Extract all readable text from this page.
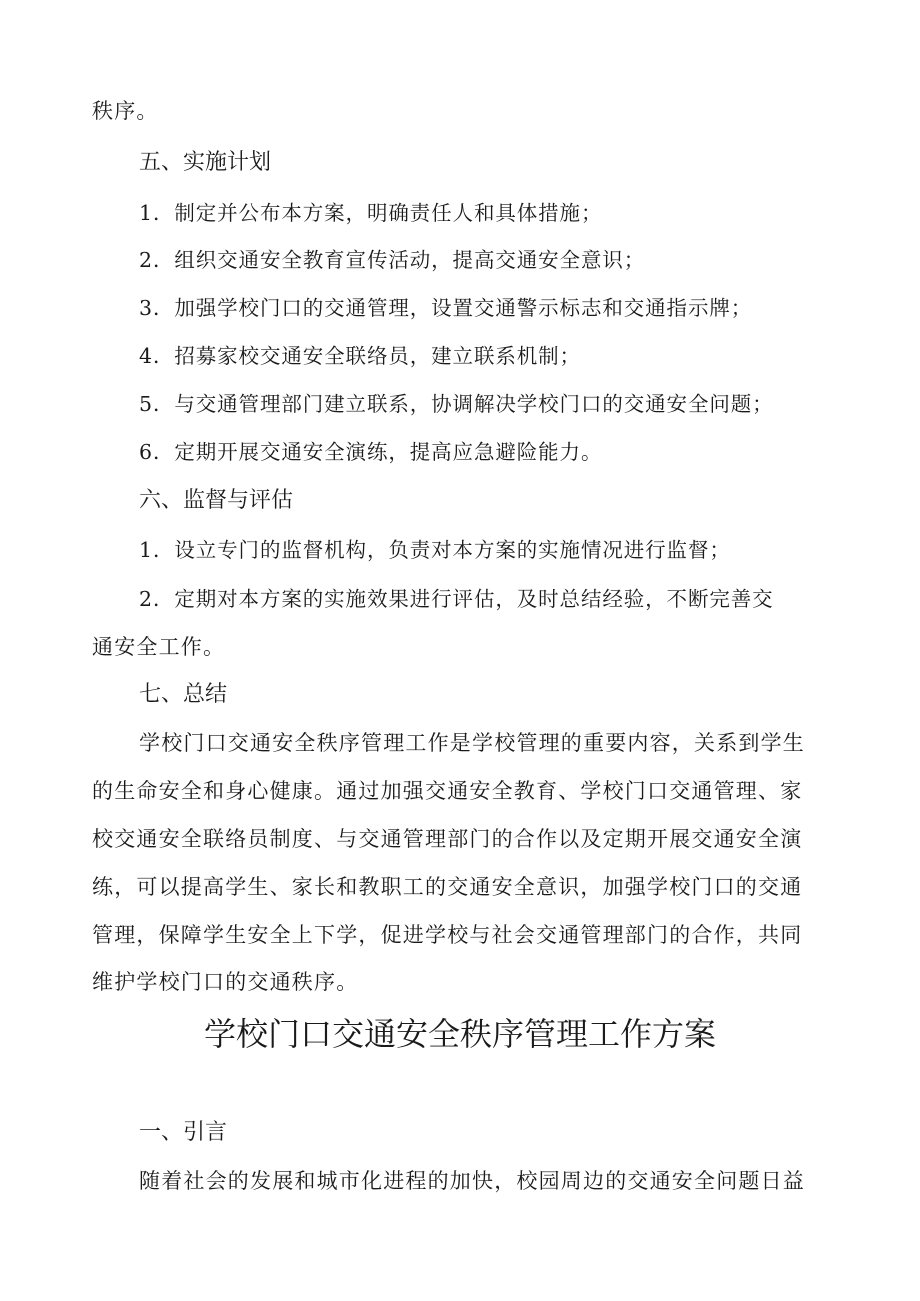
秩序。
五、实施计划
1．制定并公布本方案，明确责任人和具体措施；
2．组织交通安全教育宣传活动，提高交通安全意识；
3．加强学校门口的交通管理，设置交通警示标志和交通指示牌；
4．招募家校交通安全联络员，建立联系机制；
5．与交通管理部门建立联系，协调解决学校门口的交通安全问题；
6．定期开展交通安全演练，提高应急避险能力。
六、监督与评估
1．设立专门的监督机构，负责对本方案的实施情况进行监督；
2．定期对本方案的实施效果进行评估，及时总结经验，不断完善交
通安全工作。
七、总结
学校门口交通安全秩序管理工作是学校管理的重要内容，关系到学生
的生命安全和身心健康。通过加强交通安全教育、学校门口交通管理、家
校交通安全联络员制度、与交通管理部门的合作以及定期开展交通安全演
练，可以提高学生、家长和教职工的交通安全意识，加强学校门口的交通
管理，保障学生安全上下学，促进学校与社会交通管理部门的合作，共同
维护学校门口的交通秩序。
学校门口交通安全秩序管理工作方案
一、引言
随着社会的发展和城市化进程的加快，校园周边的交通安全问题日益
